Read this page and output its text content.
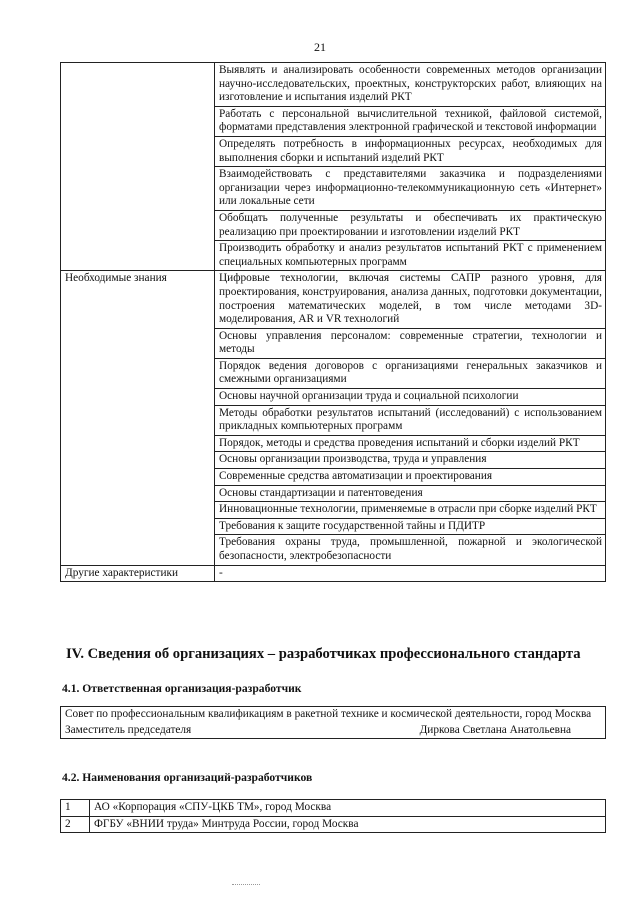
21
	Выявлять и анализировать особенности современных методов организации научно-исследовательских, проектных, конструкторских работ, влияющих на изготовление и испытания изделий РКТ
	Работать с персональной вычислительной техникой, файловой системой, форматами представления электронной графической и текстовой информации
	Определять потребность в информационных ресурсах, необходимых для выполнения сборки и испытаний изделий РКТ
	Взаимодействовать с представителями заказчика и подразделениями организации через информационно-телекоммуникационную сеть «Интернет» или локальные сети
	Обобщать полученные результаты и обеспечивать их практическую реализацию при проектировании и изготовлении изделий РКТ
	Производить обработку и анализ результатов испытаний РКТ с применением специальных компьютерных программ
Необходимые знания	Цифровые технологии, включая системы САПР разного уровня, для проектирования, конструирования, анализа данных, подготовки документации, построения математических моделей, в том числе методами 3D-моделирования, AR и VR технологий
	Основы управления персоналом: современные стратегии, технологии и методы
	Порядок ведения договоров с организациями генеральных заказчиков и смежными организациями
	Основы научной организации труда и социальной психологии
	Методы обработки результатов испытаний (исследований) с использованием прикладных компьютерных программ
	Порядок, методы и средства проведения испытаний и сборки изделий РКТ
	Основы организации производства, труда и управления
	Современные средства автоматизации и проектирования
	Основы стандартизации и патентоведения
	Инновационные технологии, применяемые в отрасли при сборке изделий РКТ
	Требования к защите государственной тайны и ПДИТР
	Требования охраны труда, промышленной, пожарной и экологической безопасности, электробезопасности
Другие характеристики	-
IV. Сведения об организациях – разработчиках профессионального стандарта
4.1. Ответственная организация-разработчик
Совет по профессиональным квалификациям в ракетной технике и космической деятельности, город Москва
Заместитель председателя	Диркова Светлана Анатольевна
4.2. Наименования организаций-разработчиков
1	АО «Корпорация «СПУ-ЦКБ ТМ», город Москва
2	ФГБУ «ВНИИ труда» Минтруда России, город Москва
